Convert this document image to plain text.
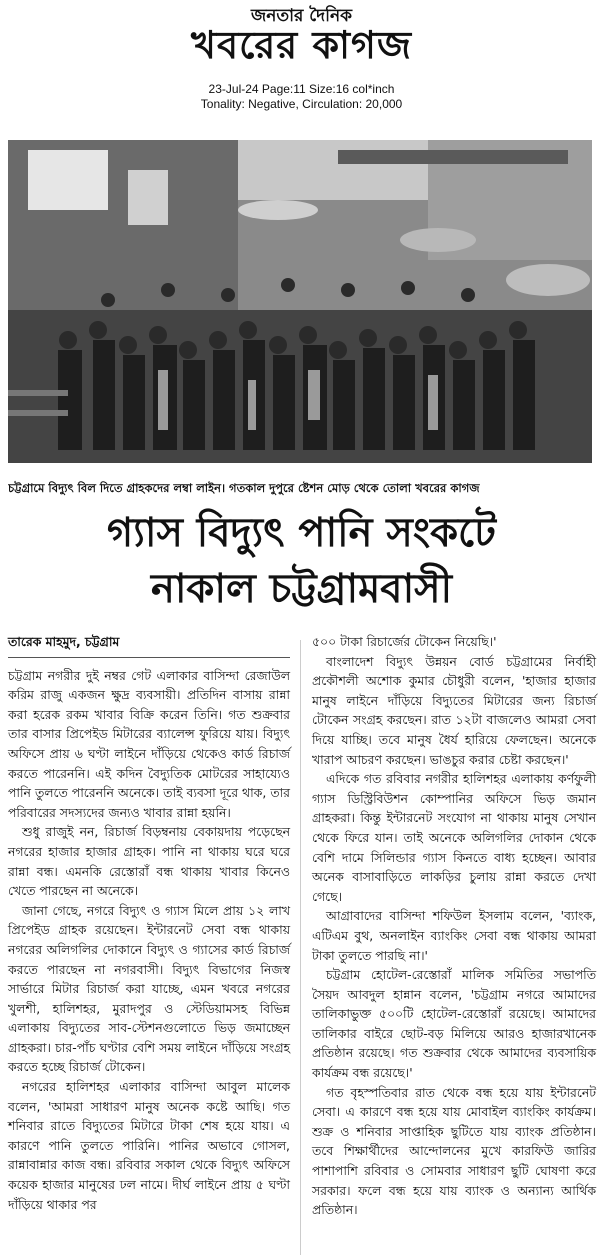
জনতার দৈনিক
খবরের কাগজ
23-Jul-24 Page:11 Size:16 col*inch
Tonality: Negative, Circulation: 20,000
চট্টগ্রামে বিদ্যুৎ বিল দিতে গ্রাহকদের লম্বা লাইন। গতকাল দুপুরে ষ্টেশন মোড় থেকে তোলা খবরের কাগজ
গ্যাস বিদ্যুৎ পানি সংকটে
নাকাল চট্টগ্রামবাসী
তারেক মাহমুদ, চট্টগ্রাম

চট্টগ্রাম নগরীর দুই নম্বর গেট এলাকার বাসিন্দা রেজাউল করিম রাজু একজন ক্ষুদ্র ব্যবসায়ী। প্রতিদিন বাসায় রান্না করা হরেক রকম খাবার বিক্রি করেন তিনি। গত শুক্রবার তার বাসার প্রিপেইড মিটারের ব্যালেন্স ফুরিয়ে যায়। বিদ্যুৎ অফিসে প্রায় ৬ ঘণ্টা লাইনে দাঁড়িয়ে থেকেও কার্ড রিচার্জ করতে পারেননি। এই কদিন বৈদ্যুতিক মোটরের সাহায্যেও পানি তুলতে পারেননি অনেকে। তাই ব্যবসা দূরে থাক, তার পরিবারের সদস্যদের জন্যও খাবার রান্না হয়নি।

শুধু রাজুই নন, রিচার্জ বিড়ম্বনায় বেকায়দায় পড়েছেন নগরের হাজার হাজার গ্রাহক। পানি না থাকায় ঘরে ঘরে রান্না বন্ধ। এমনকি রেস্তোরাঁ বন্ধ থাকায় খাবার কিনেও খেতে পারছেন না অনেকে।

জানা গেছে, নগরে বিদ্যুৎ ও গ্যাস মিলে প্রায় ১২ লাখ প্রিপেইড গ্রাহক রয়েছেন। ইন্টারনেট সেবা বন্ধ থাকায় নগরের অলিগলির দোকানে বিদ্যুৎ ও গ্যাসের কার্ড রিচার্জ করতে পারছেন না নগরবাসী। বিদ্যুৎ বিভাগের নিজস্ব সার্ভারে মিটার রিচার্জ করা যাচ্ছে, এমন খবরে নগরের খুলশী, হালিশহর, মুরাদপুর ও স্টেডিয়ামসহ বিভিন্ন এলাকায় বিদ্যুতের সাব-স্টেশনগুলোতে ভিড় জমাচ্ছেন গ্রাহকরা। চার-পাঁচ ঘণ্টার বেশি সময় লাইনে দাঁড়িয়ে সংগ্রহ করতে হচ্ছে রিচার্জ টোকেন।

নগরের হালিশহর এলাকার বাসিন্দা আবুল মালেক বলেন, 'আমরা সাধারণ মানুষ অনেক কষ্টে আছি। গত শনিবার রাতে বিদ্যুতের মিটারে টাকা শেষ হয়ে যায়। এ কারণে পানি তুলতে পারিনি। পানির অভাবে গোসল, রান্নাবান্নার কাজ বন্ধ। রবিবার সকাল থেকে বিদ্যুৎ অফিসে কয়েক হাজার মানুষের ঢল নামে। দীর্ঘ লাইনে প্রায় ৫ ঘণ্টা দাঁড়িয়ে থাকার পর

৫০০ টাকা রিচার্জের টোকেন নিয়েছি।'

বাংলাদেশ বিদ্যুৎ উন্নয়ন বোর্ড চট্টগ্রামের নির্বাহী প্রকৌশলী অশোক কুমার চৌধুরী বলেন, 'হাজার হাজার মানুষ লাইনে দাঁড়িয়ে বিদ্যুতের মিটারের জন্য রিচার্জ টোকেন সংগ্রহ করছেন। রাত ১২টা বাজলেও আমরা সেবা দিয়ে যাচ্ছি। তবে মানুষ ধৈর্য হারিয়ে ফেলছেন। অনেকে খারাপ আচরণ করছেন। ভাঙচুর করার চেষ্টা করছেন।'

এদিকে গত রবিবার নগরীর হালিশহর এলাকায় কর্ণফুলী গ্যাস ডিস্ট্রিবিউশন কোম্পানির অফিসে ভিড় জমান গ্রাহকরা। কিন্তু ইন্টারনেট সংযোগ না থাকায় মানুষ সেখান থেকে ফিরে যান। তাই অনেকে অলিগলির দোকান থেকে বেশি দামে সিলিন্ডার গ্যাস কিনতে বাধ্য হচ্ছেন। আবার অনেক বাসাবাড়িতে লাকড়ির চুলায় রান্না করতে দেখা গেছে।

আগ্রাবাদের বাসিন্দা শফিউল ইসলাম বলেন, 'ব্যাংক, এটিএম বুথ, অনলাইন ব্যাংকিং সেবা বন্ধ থাকায় আমরা টাকা তুলতে পারছি না।'

চট্টগ্রাম হোটেল-রেস্তোরাঁ মালিক সমিতির সভাপতি সৈয়দ আবদুল হান্নান বলেন, 'চট্টগ্রাম নগরে আমাদের তালিকাভুক্ত ৫০০টি হোটেল-রেস্তোরাঁ রয়েছে। আমাদের তালিকার বাইরে ছোট-বড় মিলিয়ে আরও হাজারখানেক প্রতিষ্ঠান রয়েছে। গত শুক্রবার থেকে আমাদের ব্যবসায়িক কার্যক্রম বন্ধ রয়েছে।'

গত বৃহস্পতিবার রাত থেকে বন্ধ হয়ে যায় ইন্টারনেট সেবা। এ কারণে বন্ধ হয়ে যায় মোবাইল ব্যাংকিং কার্যক্রম। শুক্র ও শনিবার সাপ্তাহিক ছুটিতে যায় ব্যাংক প্রতিষ্ঠান। তবে শিক্ষার্থীদের আন্দোলনের মুখে কারফিউ জারির পাশাপাশি রবিবার ও সোমবার সাধারণ ছুটি ঘোষণা করে সরকার। ফলে বন্ধ হয়ে যায় ব্যাংক ও অন্যান্য আর্থিক প্রতিষ্ঠান।
